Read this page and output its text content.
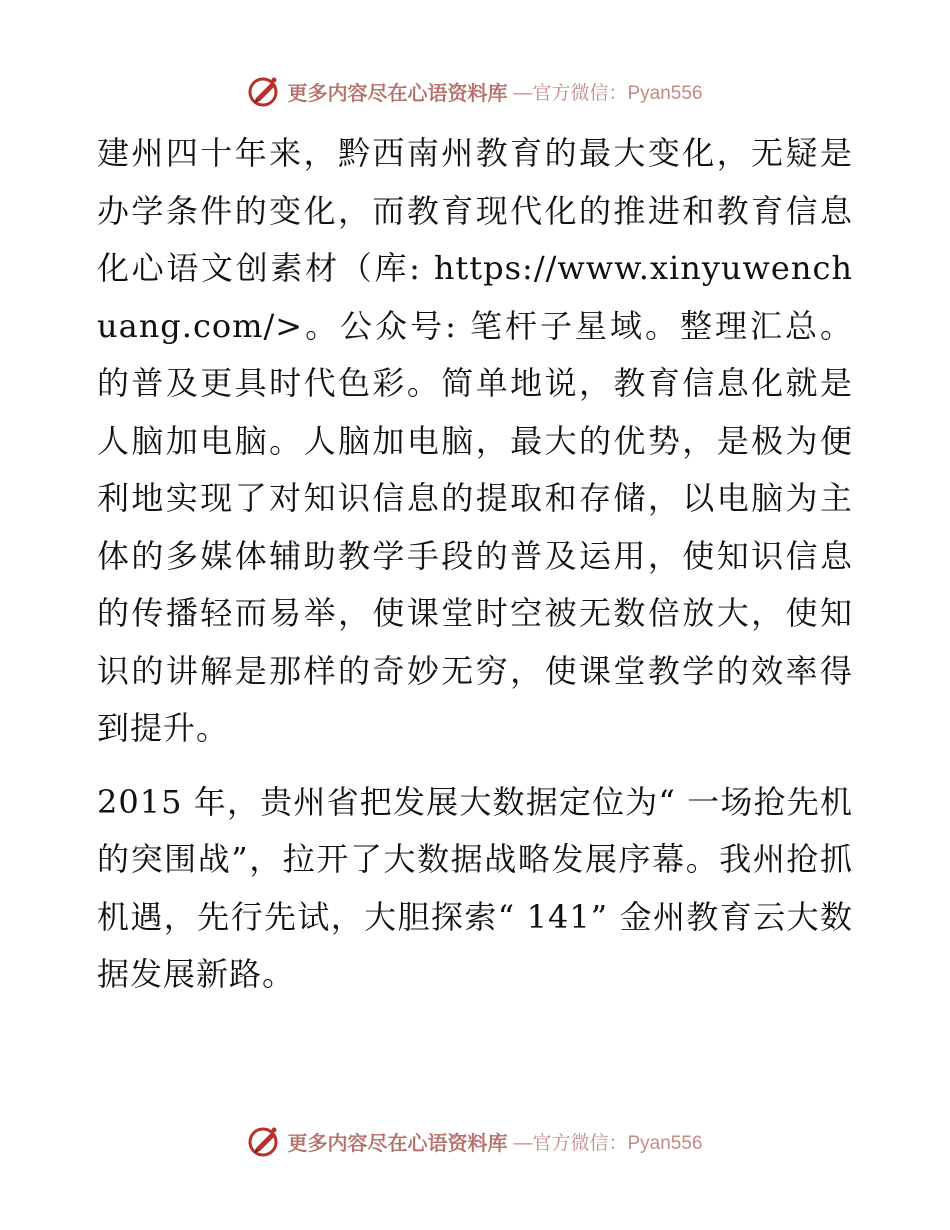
更多内容尽在心语资料库 —官方微信：Pyan556

建州四十年来，黔西南州教育的最大变化，无疑是办学条件的变化，而教育现代化的推进和教育信息化心语文创素材（库: https://www.xinyuwenchuang.com/>。公众号: 笔杆子星域。整理汇总。的普及更具时代色彩。简单地说，教育信息化就是人脑加电脑。人脑加电脑，最大的优势，是极为便利地实现了对知识信息的提取和存储，以电脑为主体的多媒体辅助教学手段的普及运用，使知识信息的传播轻而易举，使课堂时空被无数倍放大，使知识的讲解是那样的奇妙无穷，使课堂教学的效率得到提升。

2015 年，贵州省把发展大数据定位为“ 一场抢先机的突围战”，拉开了大数据战略发展序幕。我州抢抓机遇，先行先试，大胆探索“ 141” 金州教育云大数据发展新路。

更多内容尽在心语资料库 —官方微信：Pyan556
